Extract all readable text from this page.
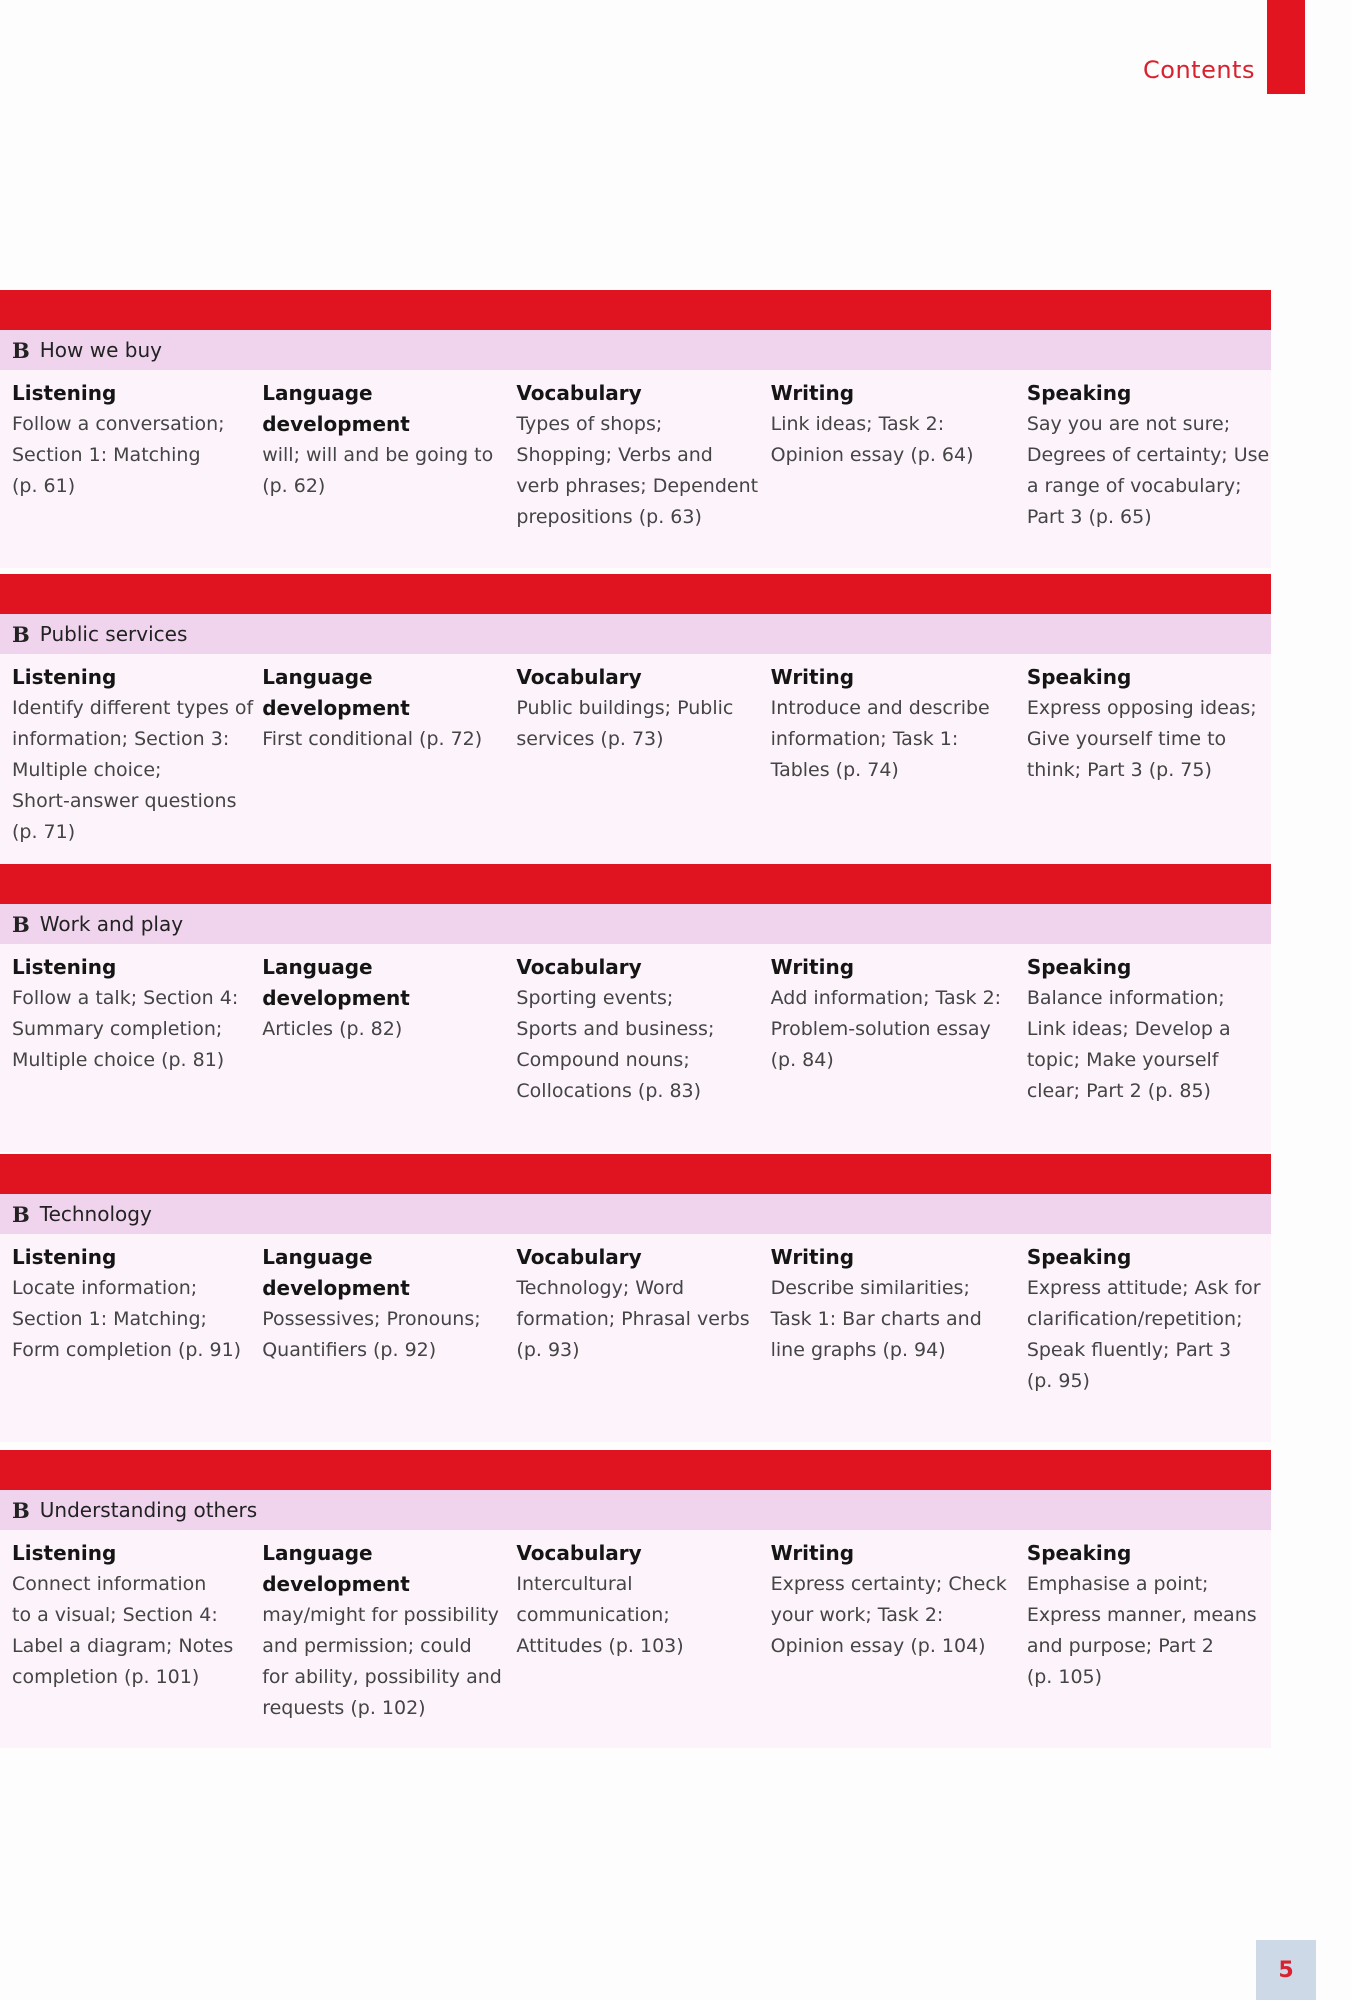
Contents
B How we buy
Listening
Follow a conversation;
Section 1: Matching
(p. 61)
Language
development
will; will and be going to
(p. 62)
Vocabulary
Types of shops;
Shopping; Verbs and
verb phrases; Dependent
prepositions (p. 63)
Writing
Link ideas; Task 2:
Opinion essay (p. 64)
Speaking
Say you are not sure;
Degrees of certainty; Use
a range of vocabulary;
Part 3 (p. 65)
B Public services
Listening
Identify different types of
information; Section 3:
Multiple choice;
Short-answer questions
(p. 71)
Language
development
First conditional (p. 72)
Vocabulary
Public buildings; Public
services (p. 73)
Writing
Introduce and describe
information; Task 1:
Tables (p. 74)
Speaking
Express opposing ideas;
Give yourself time to
think; Part 3 (p. 75)
B Work and play
Listening
Follow a talk; Section 4:
Summary completion;
Multiple choice (p. 81)
Language
development
Articles (p. 82)
Vocabulary
Sporting events;
Sports and business;
Compound nouns;
Collocations (p. 83)
Writing
Add information; Task 2:
Problem-solution essay
(p. 84)
Speaking
Balance information;
Link ideas; Develop a
topic; Make yourself
clear; Part 2 (p. 85)
B Technology
Listening
Locate information;
Section 1: Matching;
Form completion (p. 91)
Language
development
Possessives; Pronouns;
Quantifiers (p. 92)
Vocabulary
Technology; Word
formation; Phrasal verbs
(p. 93)
Writing
Describe similarities;
Task 1: Bar charts and
line graphs (p. 94)
Speaking
Express attitude; Ask for
clarification/repetition;
Speak fluently; Part 3
(p. 95)
B Understanding others
Listening
Connect information
to a visual; Section 4:
Label a diagram; Notes
completion (p. 101)
Language
development
may/might for possibility
and permission; could
for ability, possibility and
requests (p. 102)
Vocabulary
Intercultural
communication;
Attitudes (p. 103)
Writing
Express certainty; Check
your work; Task 2:
Opinion essay (p. 104)
Speaking
Emphasise a point;
Express manner, means
and purpose; Part 2
(p. 105)
5
